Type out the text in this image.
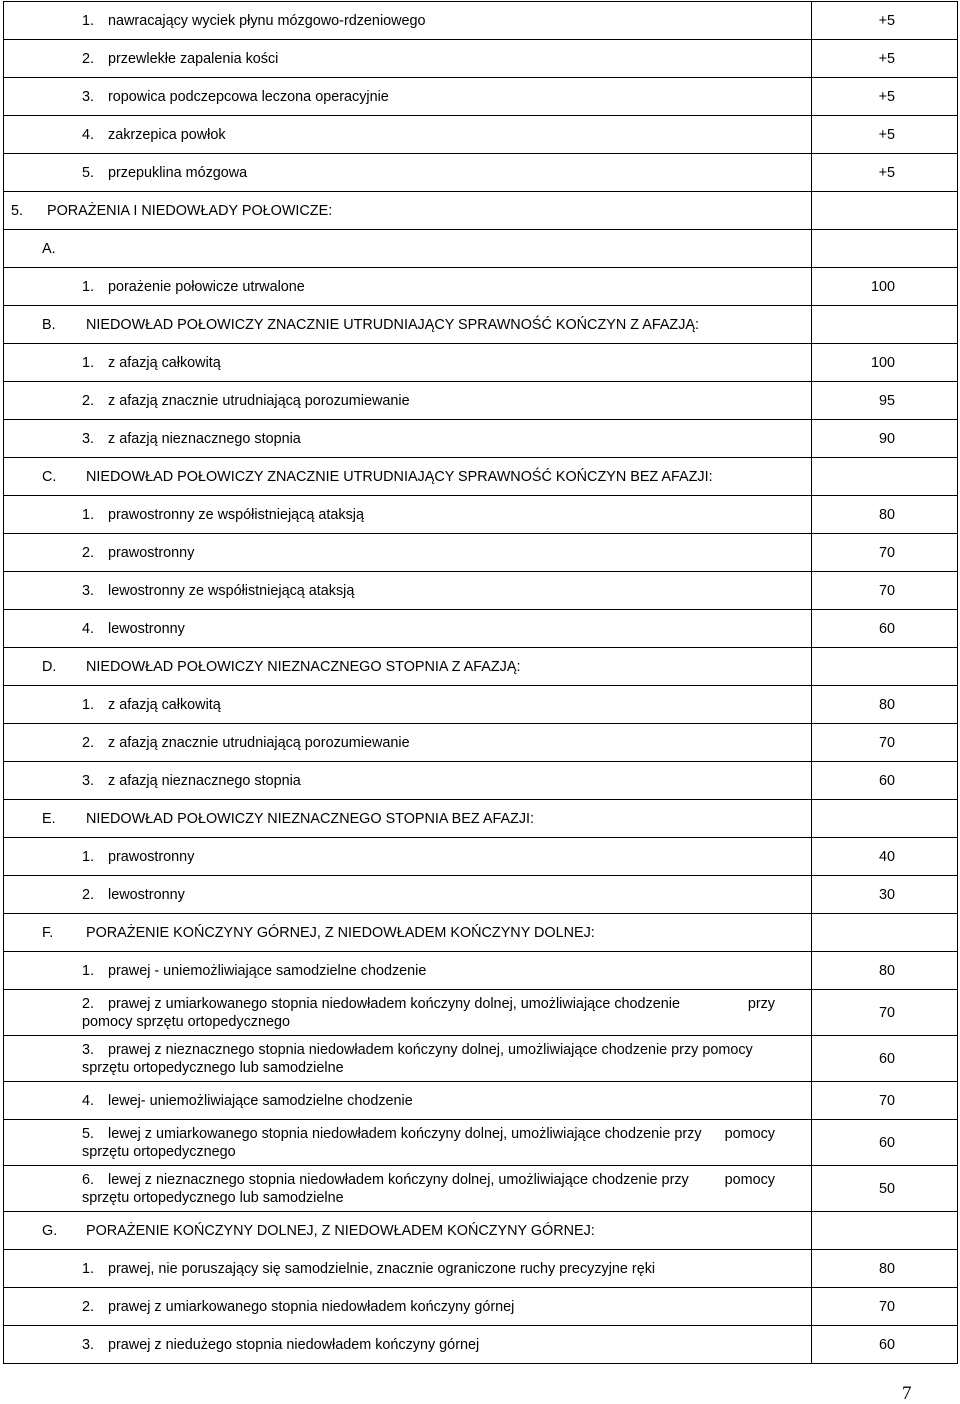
1. nawracający wyciek płynu mózgowo-rdzeniowego	+5
2. przewlekłe zapalenia kości	+5
3. ropowica podczepcowa leczona operacyjnie	+5
4. zakrzepica powłok	+5
5. przepuklina mózgowa	+5
5. PORAŻENIA I NIEDOWŁADY POŁOWICZE:	
A.	
1. porażenie połowicze utrwalone	100
B. NIEDOWŁAD POŁOWICZY ZNACZNIE UTRUDNIAJĄCY SPRAWNOŚĆ KOŃCZYN Z AFAZJĄ:	
1. z afazją całkowitą	100
2. z afazją znacznie utrudniającą porozumiewanie	95
3. z afazją nieznacznego stopnia	90
C. NIEDOWŁAD POŁOWICZY ZNACZNIE UTRUDNIAJĄCY SPRAWNOŚĆ KOŃCZYN BEZ AFAZJI:	
1. prawostronny ze współistniejącą ataksją	80
2. prawostronny	70
3. lewostronny ze współistniejącą ataksją	70
4. lewostronny	60
D. NIEDOWŁAD POŁOWICZY NIEZNACZNEGO STOPNIA Z AFAZJĄ:	
1. z afazją całkowitą	80
2. z afazją znacznie utrudniającą porozumiewanie	70
3. z afazją nieznacznego stopnia	60
E. NIEDOWŁAD POŁOWICZY NIEZNACZNEGO STOPNIA BEZ AFAZJI:	
1. prawostronny	40
2. lewostronny	30
F. PORAŻENIE KOŃCZYNY GÓRNEJ, Z NIEDOWŁADEM KOŃCZYNY DOLNEJ:	
1. prawej - uniemożliwiające samodzielne chodzenie	80

2. prawej z umiarkowanego stopnia niedowładem kończyny dolnej, umożliwiające chodzenie przy
pomocy sprzętu ortopedycznego	70

3. prawej z nieznacznego stopnia niedowładem kończyny dolnej, umożliwiające chodzenie przy pomocy
sprzętu ortopedycznego lub samodzielne	60
4. lewej- uniemożliwiające samodzielne chodzenie	70

5. lewej z umiarkowanego stopnia niedowładem kończyny dolnej, umożliwiające chodzenie przy pomocy
sprzętu ortopedycznego	60

6. lewej z nieznacznego stopnia niedowładem kończyny dolnej, umożliwiające chodzenie przy pomocy
sprzętu ortopedycznego lub samodzielne	50
G. PORAŻENIE KOŃCZYNY DOLNEJ, Z NIEDOWŁADEM KOŃCZYNY GÓRNEJ:	
1. prawej, nie poruszający się samodzielnie, znacznie ograniczone ruchy precyzyjne ręki	80
2. prawej z umiarkowanego stopnia niedowładem kończyny górnej	70
3. prawej z niedużego stopnia niedowładem kończyny górnej	60
7
